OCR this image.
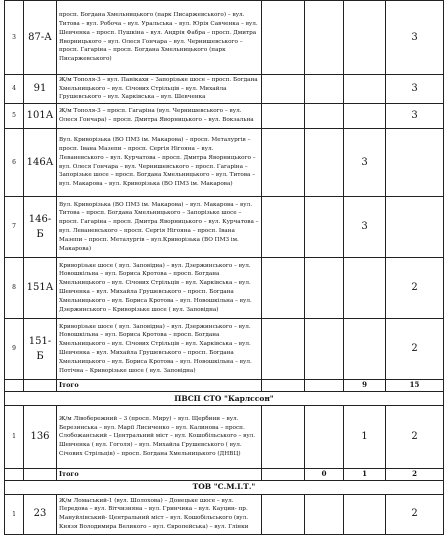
3	87-А	просп. Богдана Хмельницького (парк Писаржевського) – вул. Титова – вул. Робоча – вул. Уральська – вул. Юрія Савченка – вул. Шевченка – просп. Пушкіна – вул. Андрія Фабра – просп. Дмитра Яворницького – вул. Олеся Гончара – вул. Чернишевського – просп. Гагаріна – просп. Богдана Хмельницького (парк Писаржевського)				3
4	91	Ж/м Тополя-3 – вул. Панікахи – Запорізьке шосе – просп. Богдана Хмельницького – вул. Січових Стрільців – вул. Михайла Грушевського – вул. Харківська – вул. Шевченка				3
5	101А	Ж/м Тополя-3 – просп. Гагаріна (вул. Чернишевського – вул. Олеся Гончара) – просп. Дмитра Яворницького – вул. Вокзальна				3
6	146А	Вул. Криворізька (ВО ПМЗ ім. Макарова) – просп. Металургів – просп. Івана Мазепи – просп. Сергія Нігояна – вул. Леваневського – вул. Курчатова – просп. Дмитра Яворницького – вул. Олеся Гончара – вул. Чернишевського – просп. Гагаріна – Запорізьке шосе – просп. Богдана Хмельницького – вул. Титова – вул. Макарова – вул. Криворізька (ВО ПМЗ ім. Макарова)			3	
7	146-Б	Вул. Криворізька (ВО ПМЗ ім. Макарова) – вул. Макарова – вул. Титова – просп. Богдана Хмельницького – Запорізьке шосе – просп. Гагаріна – просп. Дмитра Яворницького – вул. Курчатова – вул. Леваневського – просп. Сергія Нігояна – просп. Івана Мазепи – просп. Металургів – вул.Криворізька (ВО ПМЗ ім. Макарова)			3	
8	151А	Криворізьке шосе ( вул. Заповідна) – вул. Дзержинського – вул. Новошкільна – вул. Бориса Кротова – просп. Богдана Хмельницького – вул. Січових Стрільців – вул. Харківська – вул. Шевченка – вул. Михайла Грушевського – просп. Богдана Хмельницького – вул. Бориса Кротова – вул. Новошкільна – вул. Дзержинського – Криворізьке шосе ( вул. Заповідна)				2
9	151-Б	Криворізьке шосе ( вул. Заповідна) – вул. Дзержинського – вул. Новошкільна – вул. Бориса Кротова – просп. Богдана Хмельницького – вул. Січових Стрільців – вул. Харківська – вул. Шевченка – вул. Михайла Грушевського – просп. Богдана Хмельницького – вул. Бориса Кротова – вул. Новошкільна – вул. Потічна – Криворізьке шосе ( вул. Заповідна)				2
		Ітого			9	15
ПВСП СТО "Карлссон"						
1	136	Ж/м Лівобережний – 3 (просп. Миру) – вул. Щербини – вул. Березинська – вул. Марії Лисиченко – вул. Калинова – просп. Слобожанський – Центральний міст – вул. Кошобільського – вул. Шевченка ( вул. Гоголя) – вул. Михайла Грушевського ( вул. Січових Стрільців) – просп. Богдана Хмельницького (ДНВЦ)			1	2
		Ітого		0	1	2
ТОВ "С.М.І.Т."						
1	23	Ж/м Ломаський-1 (вул. Шолохова) – Донецьке шосе – вул. Передова – вул. Вітчизняна – вул. Гринчика – вул. Кауцин- пр. Мануйлівський- Центральний міст – вул. Кошобільського (вул. Князя Володимира Великого – вул. Європейська) – вул. Глінки				2
